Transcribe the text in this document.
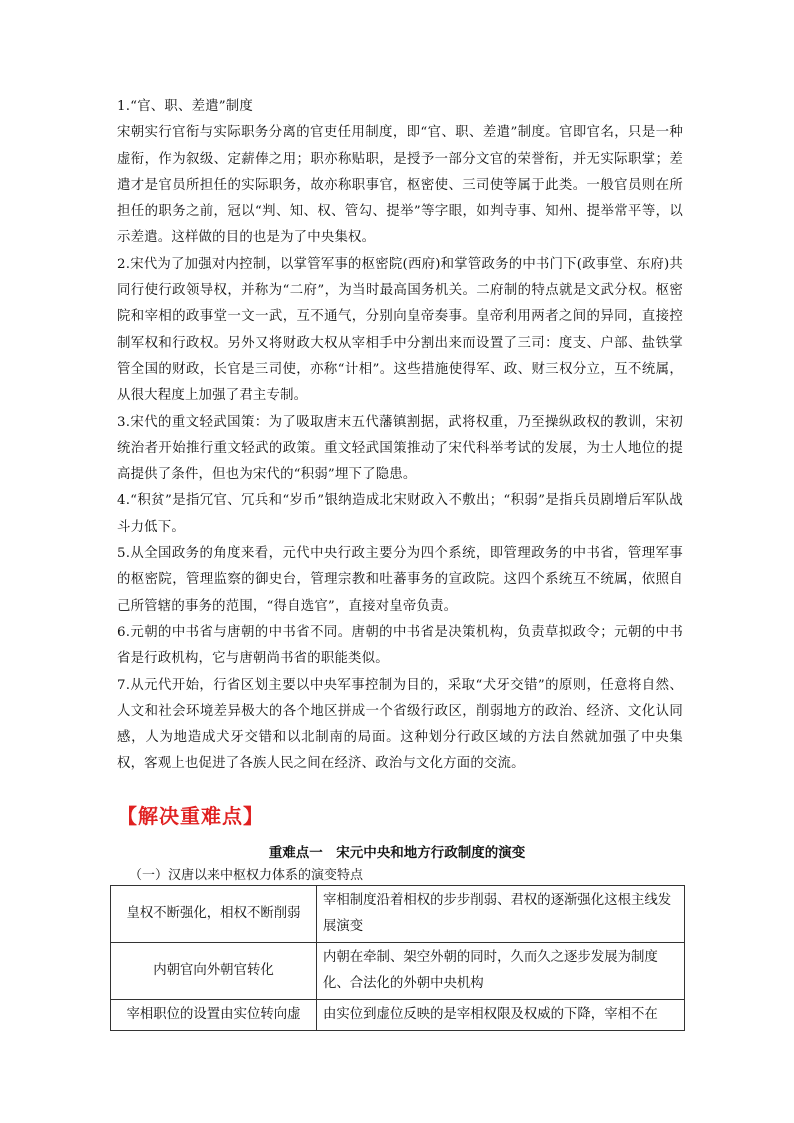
1.“官、职、差遣”制度

宋朝实行官衔与实际职务分离的官吏任用制度，即“官、职、差遣”制度。官即官名，只是一种虚衔，作为叙级、定薪俸之用；职亦称贴职，是授予一部分文官的荣誉衔，并无实际职掌；差遣才是官员所担任的实际职务，故亦称职事官，枢密使、三司使等属于此类。一般官员则在所担任的职务之前，冠以“判、知、权、管勾、提举”等字眼，如判寺事、知州、提举常平等，以示差遣。这样做的目的也是为了中央集权。

2.宋代为了加强对内控制，以掌管军事的枢密院(西府)和掌管政务的中书门下(政事堂、东府)共同行使行政领导权，并称为“二府”，为当时最高国务机关。二府制的特点就是文武分权。枢密院和宰相的政事堂一文一武，互不通气，分别向皇帝奏事。皇帝利用两者之间的异同，直接控制军权和行政权。另外又将财政大权从宰相手中分割出来而设置了三司：度支、户部、盐铁掌管全国的财政，长官是三司使，亦称“计相”。这些措施使得军、政、财三权分立，互不统属，从很大程度上加强了君主专制。

3.宋代的重文轻武国策：为了吸取唐末五代藩镇割据，武将权重，乃至操纵政权的教训，宋初统治者开始推行重文轻武的政策。重文轻武国策推动了宋代科举考试的发展，为士人地位的提高提供了条件，但也为宋代的“积弱”埋下了隐患。

4.“积贫”是指冗官、冗兵和“岁币”银纳造成北宋财政入不敷出；“积弱”是指兵员剧增后军队战斗力低下。

5.从全国政务的角度来看，元代中央行政主要分为四个系统，即管理政务的中书省，管理军事的枢密院，管理监察的御史台，管理宗教和吐蕃事务的宣政院。这四个系统互不统属，依照自己所管辖的事务的范围，“得自选官”，直接对皇帝负责。

6.元朝的中书省与唐朝的中书省不同。唐朝的中书省是决策机构，负责草拟政令；元朝的中书省是行政机构，它与唐朝尚书省的职能类似。

7.从元代开始，行省区划主要以中央军事控制为目的，采取“犬牙交错”的原则，任意将自然、人文和社会环境差异极大的各个地区拼成一个省级行政区，削弱地方的政治、经济、文化认同感，人为地造成犬牙交错和以北制南的局面。这种划分行政区域的方法自然就加强了中央集权，客观上也促进了各族人民之间在经济、政治与文化方面的交流。

【解决重难点】
重难点一　宋元中央和地方行政制度的演变
（一）汉唐以来中枢权力体系的演变特点
皇权不断强化，相权不断削弱	宰相制度沿着相权的步步削弱、君权的逐渐强化这根主线发展演变
内朝官向外朝官转化	内朝在牵制、架空外朝的同时，久而久之逐步发展为制度化、合法化的外朝中央机构
宰相职位的设置由实位转向虚	由实位到虚位反映的是宰相权限及权威的下降，宰相不在
